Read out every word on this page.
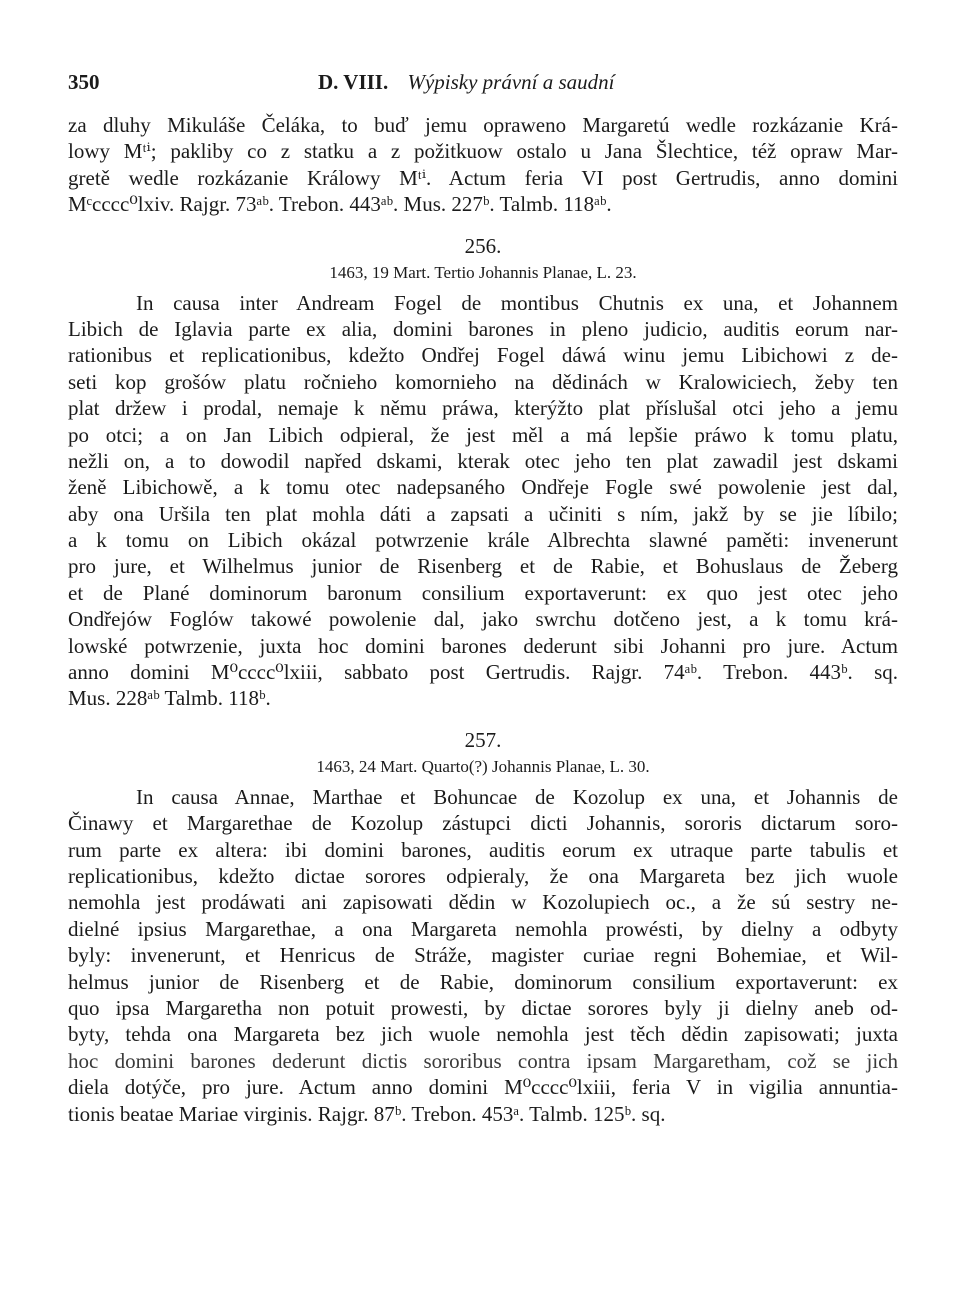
350	D. VIII. Wýpisky právní a saudní
za dluhy Mikuláše Čeláka, to buď jemu opraweno Margaretú wedle rozkázanie Krá-
lowy Mᵗⁱ; pakliby co z statku a z požitkuow ostalo u Jana Šlechtice, též opraw Mar-
gretě wedle rozkázanie Králowy Mᵗⁱ. Actum feria VI post Gertrudis, anno domini
Mᶜcccc⁰lxiv. Rajgr. 73ᵃᵇ. Trebon. 443ᵃᵇ. Mus. 227ᵇ. Talmb. 118ᵃᵇ.
256.
1463, 19 Mart. Tertio Johannis Planae, L. 23.
In causa inter Andream Fogel de montibus Chutnis ex una, et Johannem
Libich de Iglavia parte ex alia, domini barones in pleno judicio, auditis eorum nar-
rationibus et replicationibus, kdežto Ondřej Fogel dáwá winu jemu Libichowi z de-
seti kop grošów platu ročnieho komornieho na dědinách w Kralowiciech, žeby ten
plat držew i prodal, nemaje k němu práwa, kterýžto plat příslušal otci jeho a jemu
po otci; a on Jan Libich odpieral, že jest měl a má lepšie práwo k tomu platu,
nežli on, a to dowodil napřed dskami, kterak otec jeho ten plat zawadil jest dskami
ženě Libichowě, a k tomu otec nadepsaného Ondřeje Fogle swé powolenie jest dal,
aby ona Uršila ten plat mohla dáti a zapsati a učiniti s ním, jakž by se jie líbilo;
a k tomu on Libich okázal potwrzenie krále Albrechta slawné paměti: invenerunt
pro jure, et Wilhelmus junior de Risenberg et de Rabie, et Bohuslaus de Žeberg
et de Plané dominorum baronum consilium exportaverunt: ex quo jest otec jeho
Ondřejów Foglów takowé powolenie dal, jako swrchu dotčeno jest, a k tomu krá-
lowské potwrzenie, juxta hoc domini barones dederunt sibi Johanni pro jure. Actum
anno domini M⁰cccc⁰lxiii, sabbato post Gertrudis. Rajgr. 74ᵃᵇ. Trebon. 443ᵇ. sq.
Mus. 228ᵃᵇ Talmb. 118ᵇ.
257.
1463, 24 Mart. Quarto(?) Johannis Planae, L. 30.
In causa Annae, Marthae et Bohuncae de Kozolup ex una, et Johannis de
Činawy et Margarethae de Kozolup zástupci dicti Johannis, sororis dictarum soro-
rum parte ex altera: ibi domini barones, auditis eorum ex utraque parte tabulis et
replicationibus, kdežto dictae sorores odpieraly, že ona Margareta bez jich wuole
nemohla jest prodáwati ani zapisowati dědin w Kozolupiech oc., a že sú sestry ne-
dielné ipsius Margarethae, a ona Margareta nemohla prowésti, by dielny a odbyty
byly: invenerunt, et Henricus de Stráže, magister curiae regni Bohemiae, et Wil-
helmus junior de Risenberg et de Rabie, dominorum consilium exportaverunt: ex
quo ipsa Margaretha non potuit prowesti, by dictae sorores byly ji dielny aneb od-
byty, tehda ona Margareta bez jich wuole nemohla jest těch dědin zapisowati; juxta
hoc domini barones dederunt dictis sororibus contra ipsam Margaretham, což se jich
diela dotýče, pro jure. Actum anno domini M⁰cccc⁰lxiii, feria V in vigilia annuntia-
tionis beatae Mariae virginis. Rajgr. 87ᵇ. Trebon. 453ᵃ. Talmb. 125ᵇ. sq.
